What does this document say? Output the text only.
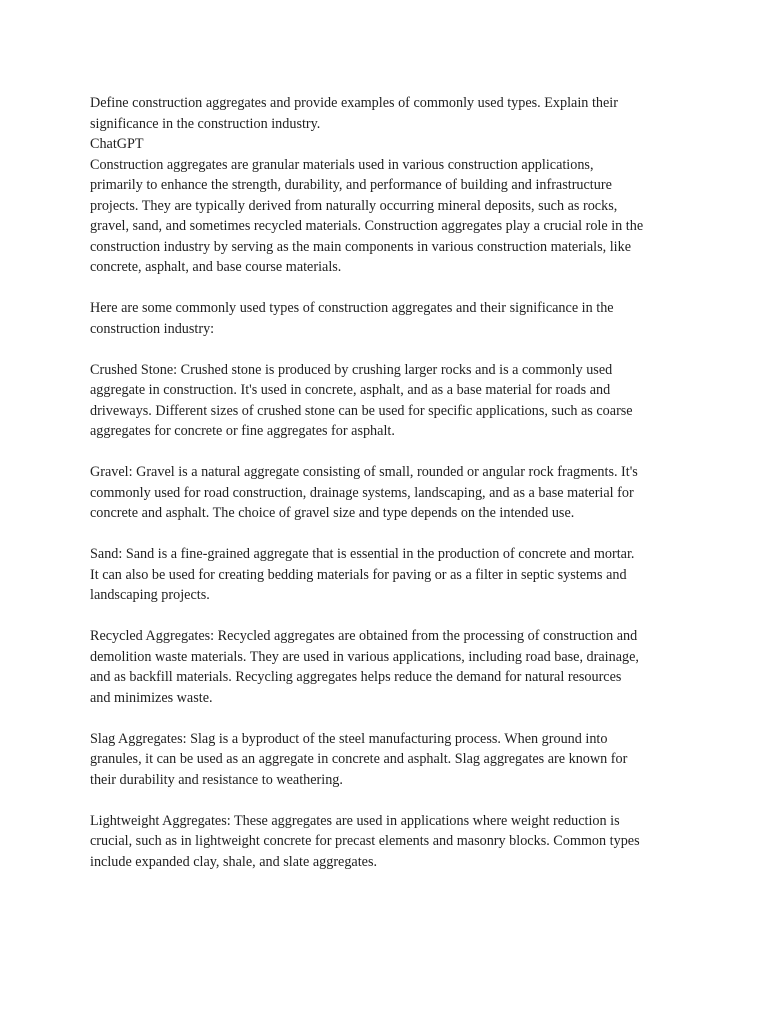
Define construction aggregates and provide examples of commonly used types. Explain their
significance in the construction industry.
ChatGPT
Construction aggregates are granular materials used in various construction applications,
primarily to enhance the strength, durability, and performance of building and infrastructure
projects. They are typically derived from naturally occurring mineral deposits, such as rocks,
gravel, sand, and sometimes recycled materials. Construction aggregates play a crucial role in the
construction industry by serving as the main components in various construction materials, like
concrete, asphalt, and base course materials.
Here are some commonly used types of construction aggregates and their significance in the
construction industry:
Crushed Stone: Crushed stone is produced by crushing larger rocks and is a commonly used
aggregate in construction. It's used in concrete, asphalt, and as a base material for roads and
driveways. Different sizes of crushed stone can be used for specific applications, such as coarse
aggregates for concrete or fine aggregates for asphalt.
Gravel: Gravel is a natural aggregate consisting of small, rounded or angular rock fragments. It's
commonly used for road construction, drainage systems, landscaping, and as a base material for
concrete and asphalt. The choice of gravel size and type depends on the intended use.
Sand: Sand is a fine-grained aggregate that is essential in the production of concrete and mortar.
It can also be used for creating bedding materials for paving or as a filter in septic systems and
landscaping projects.
Recycled Aggregates: Recycled aggregates are obtained from the processing of construction and
demolition waste materials. They are used in various applications, including road base, drainage,
and as backfill materials. Recycling aggregates helps reduce the demand for natural resources
and minimizes waste.
Slag Aggregates: Slag is a byproduct of the steel manufacturing process. When ground into
granules, it can be used as an aggregate in concrete and asphalt. Slag aggregates are known for
their durability and resistance to weathering.
Lightweight Aggregates: These aggregates are used in applications where weight reduction is
crucial, such as in lightweight concrete for precast elements and masonry blocks. Common types
include expanded clay, shale, and slate aggregates.
